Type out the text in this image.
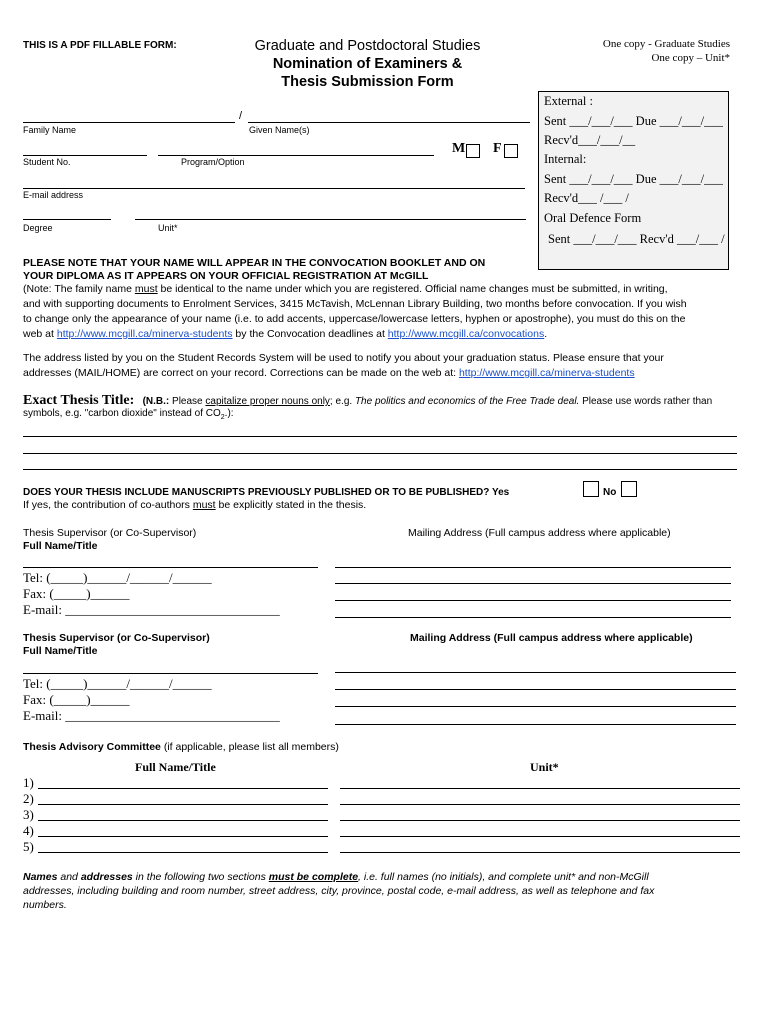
THIS IS A PDF FILLABLE FORM:	Graduate and Postdoctoral Studies
Nomination of Examiners &
Thesis Submission Form
One copy - Graduate Studies
One copy – Unit*
/
Family Name	Given Name(s)
Student No.	Program/Option
M F
E-mail address
Degree	Unit*
External :
Sent ___/___/___ Due ___/___/___
Recv'd___/___/__
Internal:
Sent ___/___/___ Due ___/___/___
Recv'd___ /___ /
Oral Defence Form
Sent ___/___/___ Recv'd ___/___ /
PLEASE NOTE THAT YOUR NAME WILL APPEAR IN THE CONVOCATION BOOKLET AND ON
YOUR DIPLOMA AS IT APPEARS ON YOUR OFFICIAL REGISTRATION AT McGILL
(Note: The family name must be identical to the name under which you are registered. Official name changes must be submitted, in writing,
and with supporting documents to Enrolment Services, 3415 McTavish, McLennan Library Building, two months before convocation. If you wish
to change only the appearance of your name (i.e. to add accents, uppercase/lowercase letters, hyphen or apostrophe), you must do this on the
web at http://www.mcgill.ca/minerva-students by the Convocation deadlines at http://www.mcgill.ca/convocations.
The address listed by you on the Student Records System will be used to notify you about your graduation status. Please ensure that your
addresses (MAIL/HOME) are correct on your record. Corrections can be made on the web at: http://www.mcgill.ca/minerva-students
Exact Thesis Title: (N.B.: Please capitalize proper nouns only; e.g. The politics and economics of the Free Trade deal. Please use words rather than
symbols, e.g. "carbon dioxide" instead of $CO_2$.):
DOES YOUR THESIS INCLUDE MANUSCRIPTS PREVIOUSLY PUBLISHED OR TO BE PUBLISHED? Yes	No
If yes, the contribution of co-authors must be explicitly stated in the thesis.
Thesis Supervisor (or Co-Supervisor)
Full Name/Title
Mailing Address (Full campus address where applicable)
Tel: (_____)______/______/______
Fax: (_____)______
E-mail: _________________________________
Thesis Supervisor (or Co-Supervisor)
Full Name/Title
Mailing Address (Full campus address where applicable)
Tel: (_____)______/______/______
Fax: (_____)______
E-mail: _________________________________
Thesis Advisory Committee (if applicable, please list all members)
Full Name/Title	Unit*
1)
2)
3)
4)
5)
Names and addresses in the following two sections must be complete, i.e. full names (no initials), and complete unit* and non-McGill
addresses, including building and room number, street address, city, province, postal code, e-mail address, as well as telephone and fax
numbers.
